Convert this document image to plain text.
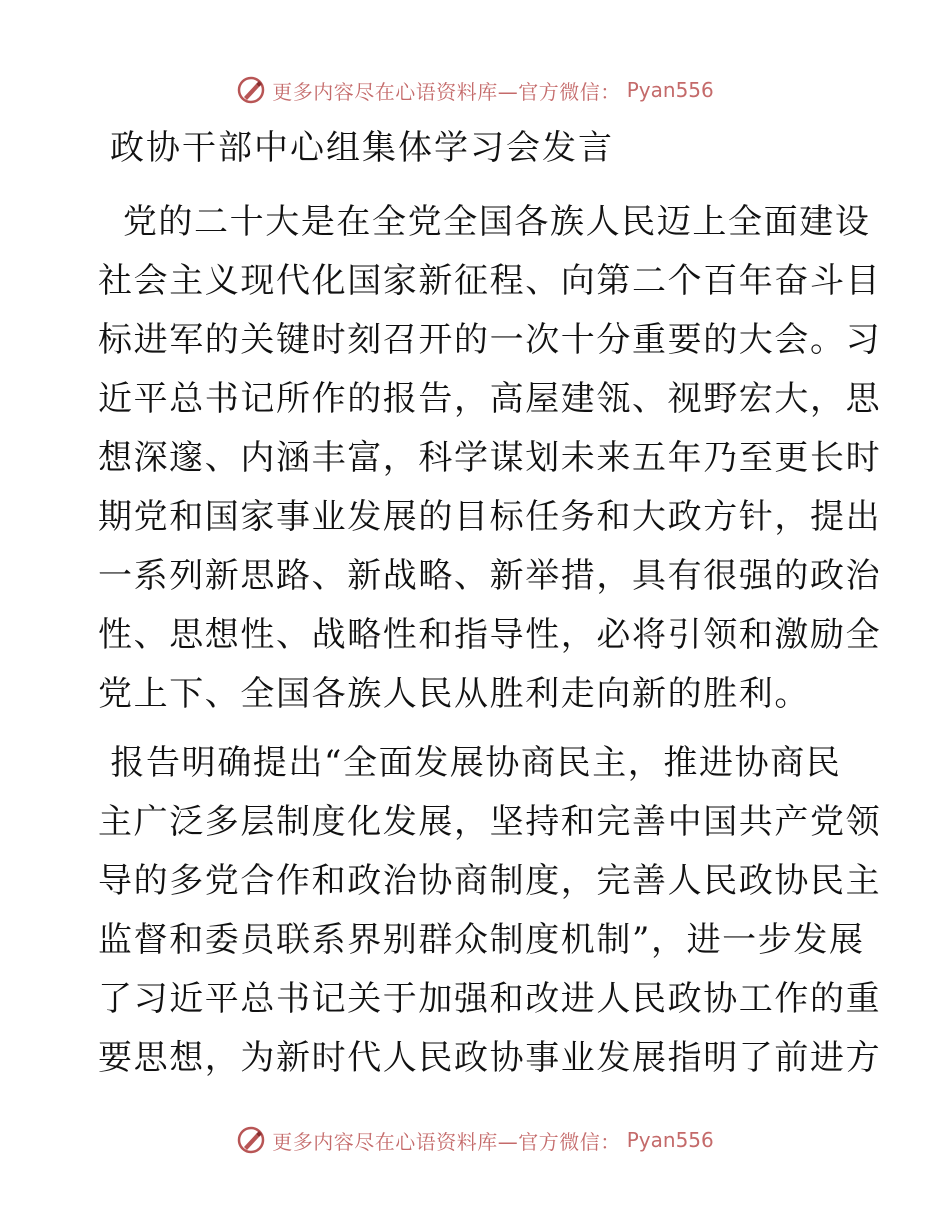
更多内容尽在心语资料库—官方微信： Pyan556
政协干部中心组集体学习会发言
党的二十大是在全党全国各族人民迈上全面建设
社会主义现代化国家新征程、向第二个百年奋斗目
标进军的关键时刻召开的一次十分重要的大会。习
近平总书记所作的报告，高屋建瓴、视野宏大，思
想深邃、内涵丰富，科学谋划未来五年乃至更长时
期党和国家事业发展的目标任务和大政方针，提出
一系列新思路、新战略、新举措，具有很强的政治
性、思想性、战略性和指导性，必将引领和激励全
党上下、全国各族人民从胜利走向新的胜利。
报告明确提出“全面发展协商民主，推进协商民
主广泛多层制度化发展，坚持和完善中国共产党领
导的多党合作和政治协商制度，完善人民政协民主
监督和委员联系界别群众制度机制”，进一步发展
了习近平总书记关于加强和改进人民政协工作的重
要思想，为新时代人民政协事业发展指明了前进方
更多内容尽在心语资料库—官方微信： Pyan556
